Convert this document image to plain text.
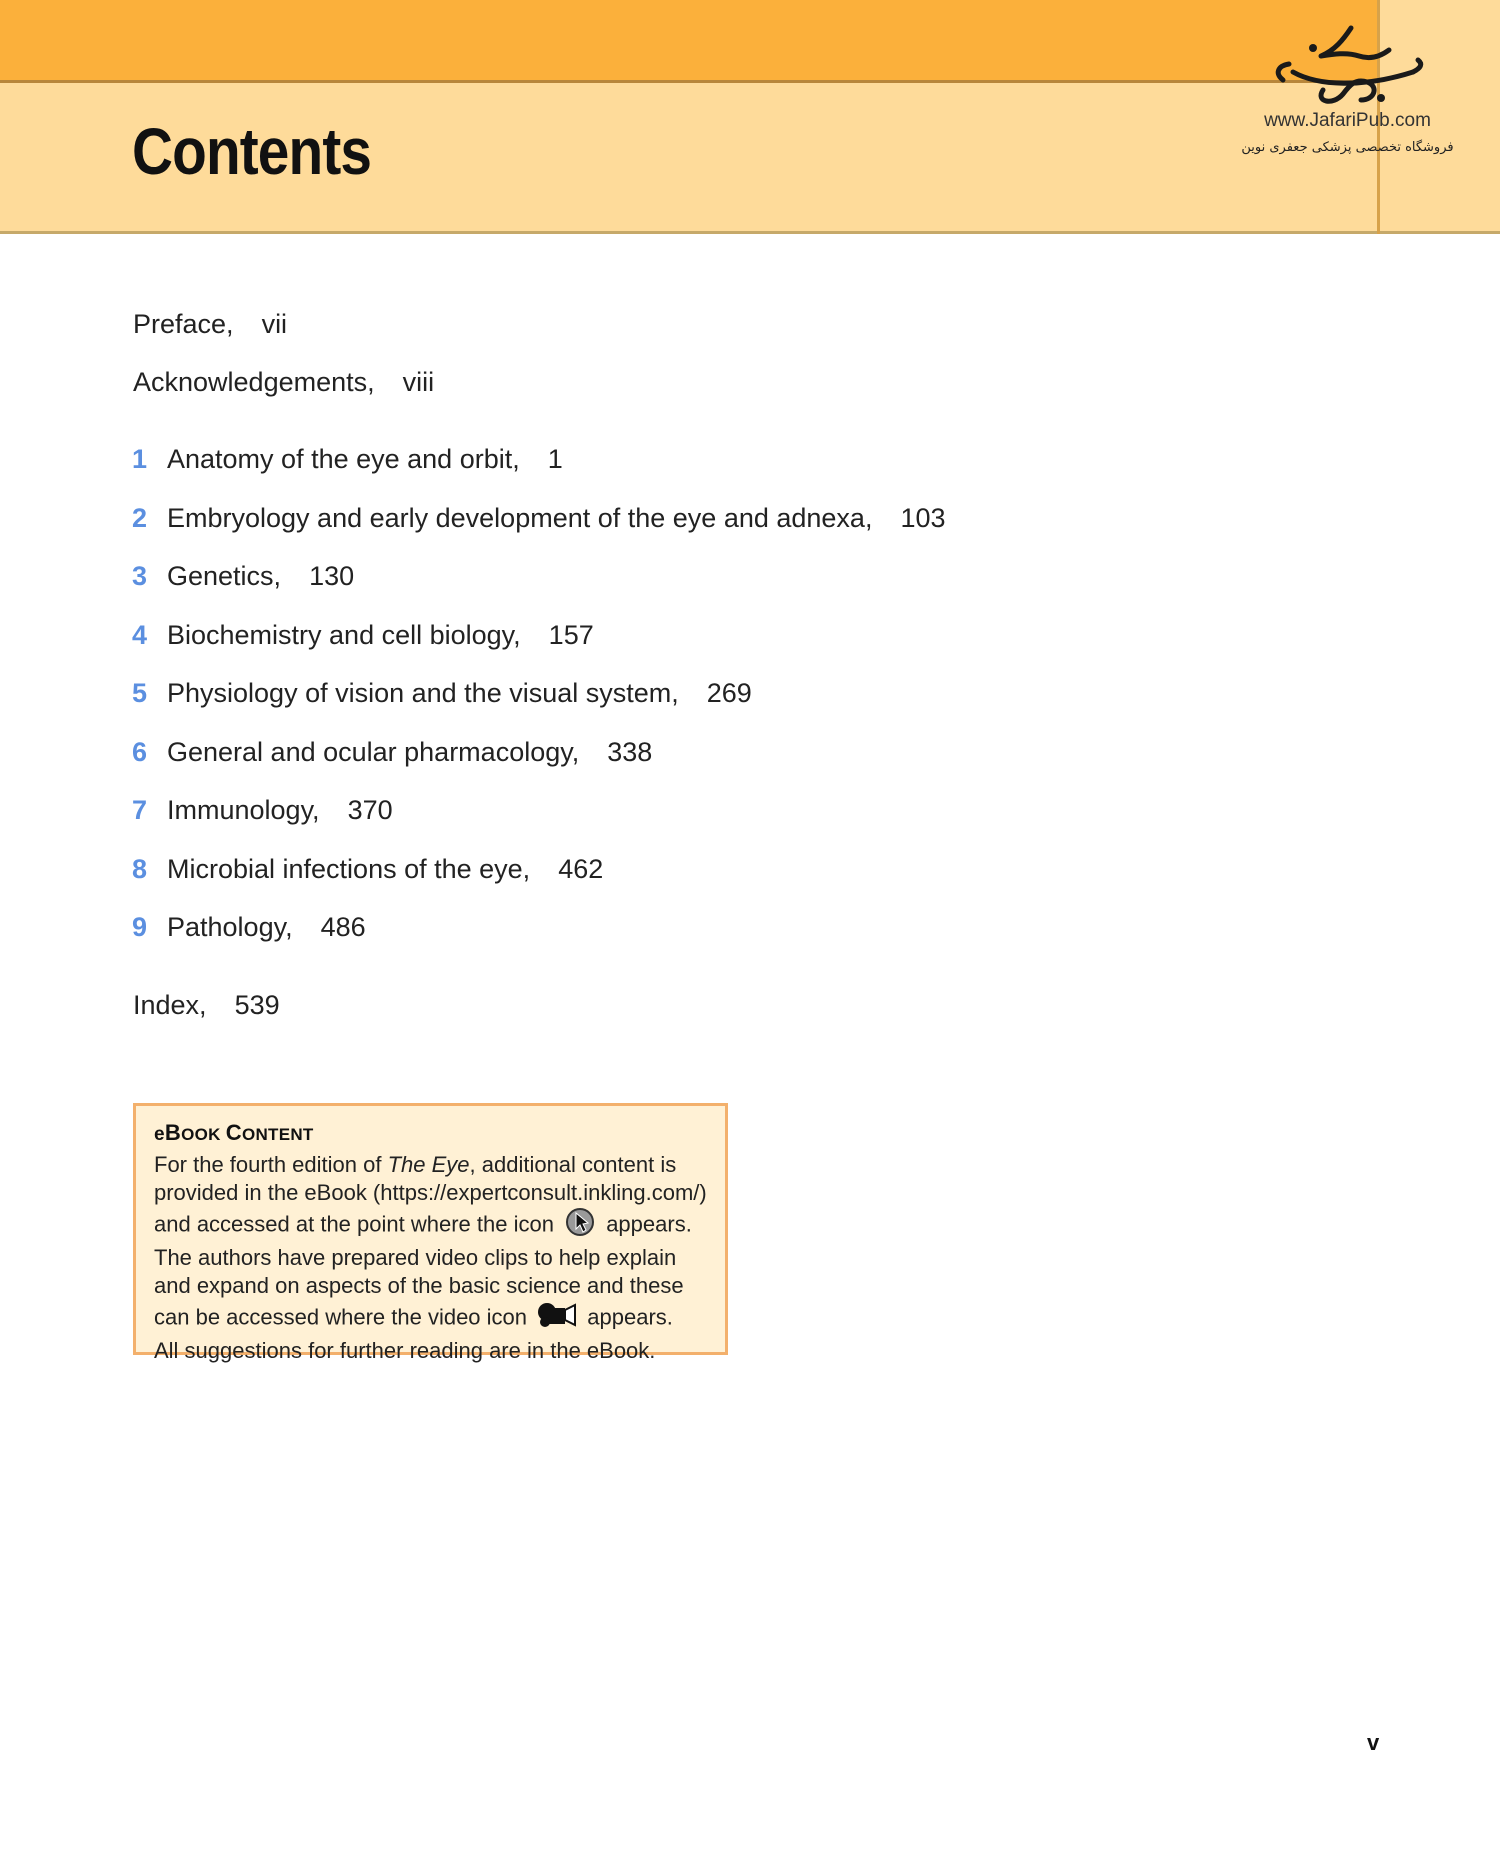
Contents	www.JafariPub.com
فروشگاه تخصصی پزشکی جعفری نوین
Preface, vii
Acknowledgements, viii
1 Anatomy of the eye and orbit, 1
2 Embryology and early development of the eye and adnexa, 103
3 Genetics, 130
4 Biochemistry and cell biology, 157
5 Physiology of vision and the visual system, 269
6 General and ocular pharmacology, 338
7 Immunology, 370
8 Microbial infections of the eye, 462
9 Pathology, 486
Index, 539
eBOOK CONTENT
For the fourth edition of The Eye, additional content is
provided in the eBook (https://expertconsult.inkling.com/)
and accessed at the point where the icon appears.
The authors have prepared video clips to help explain
and expand on aspects of the basic science and these
can be accessed where the video icon	appears.
All suggestions for further reading are in the eBook.
v
